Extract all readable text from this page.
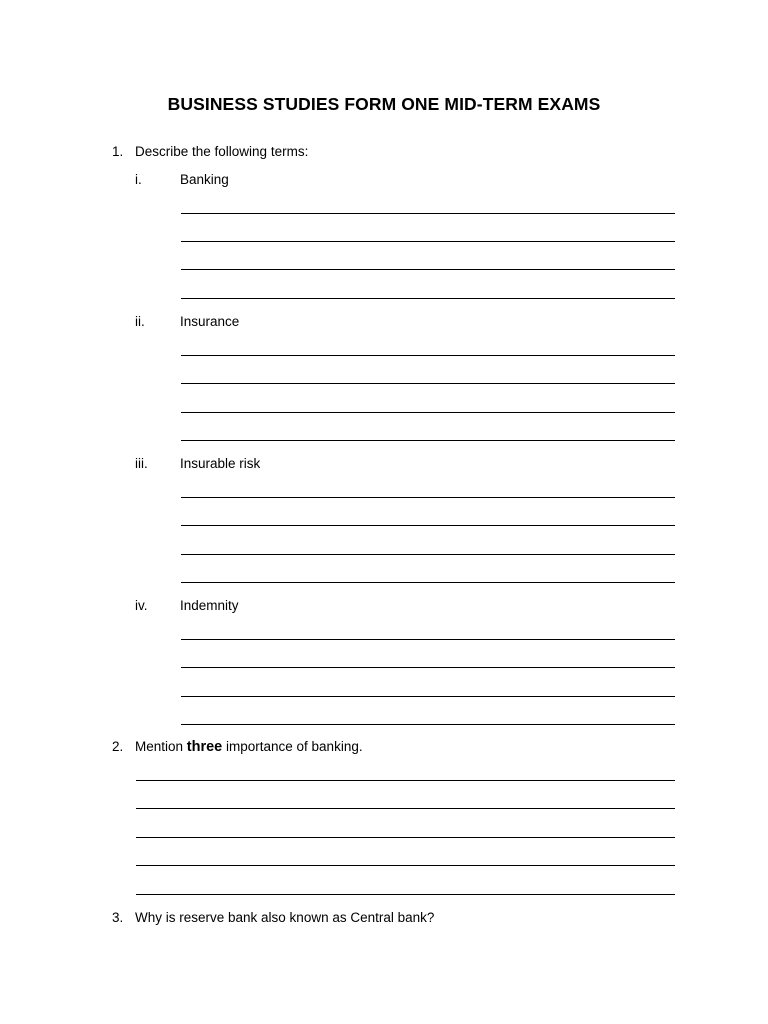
BUSINESS STUDIES FORM ONE MID-TERM EXAMS
1. Describe the following terms:
i.	Banking
ii.	Insurance
iii. Insurable risk
iv. Indemnity
2. Mention three importance of banking.
3. Why is reserve bank also known as Central bank?
